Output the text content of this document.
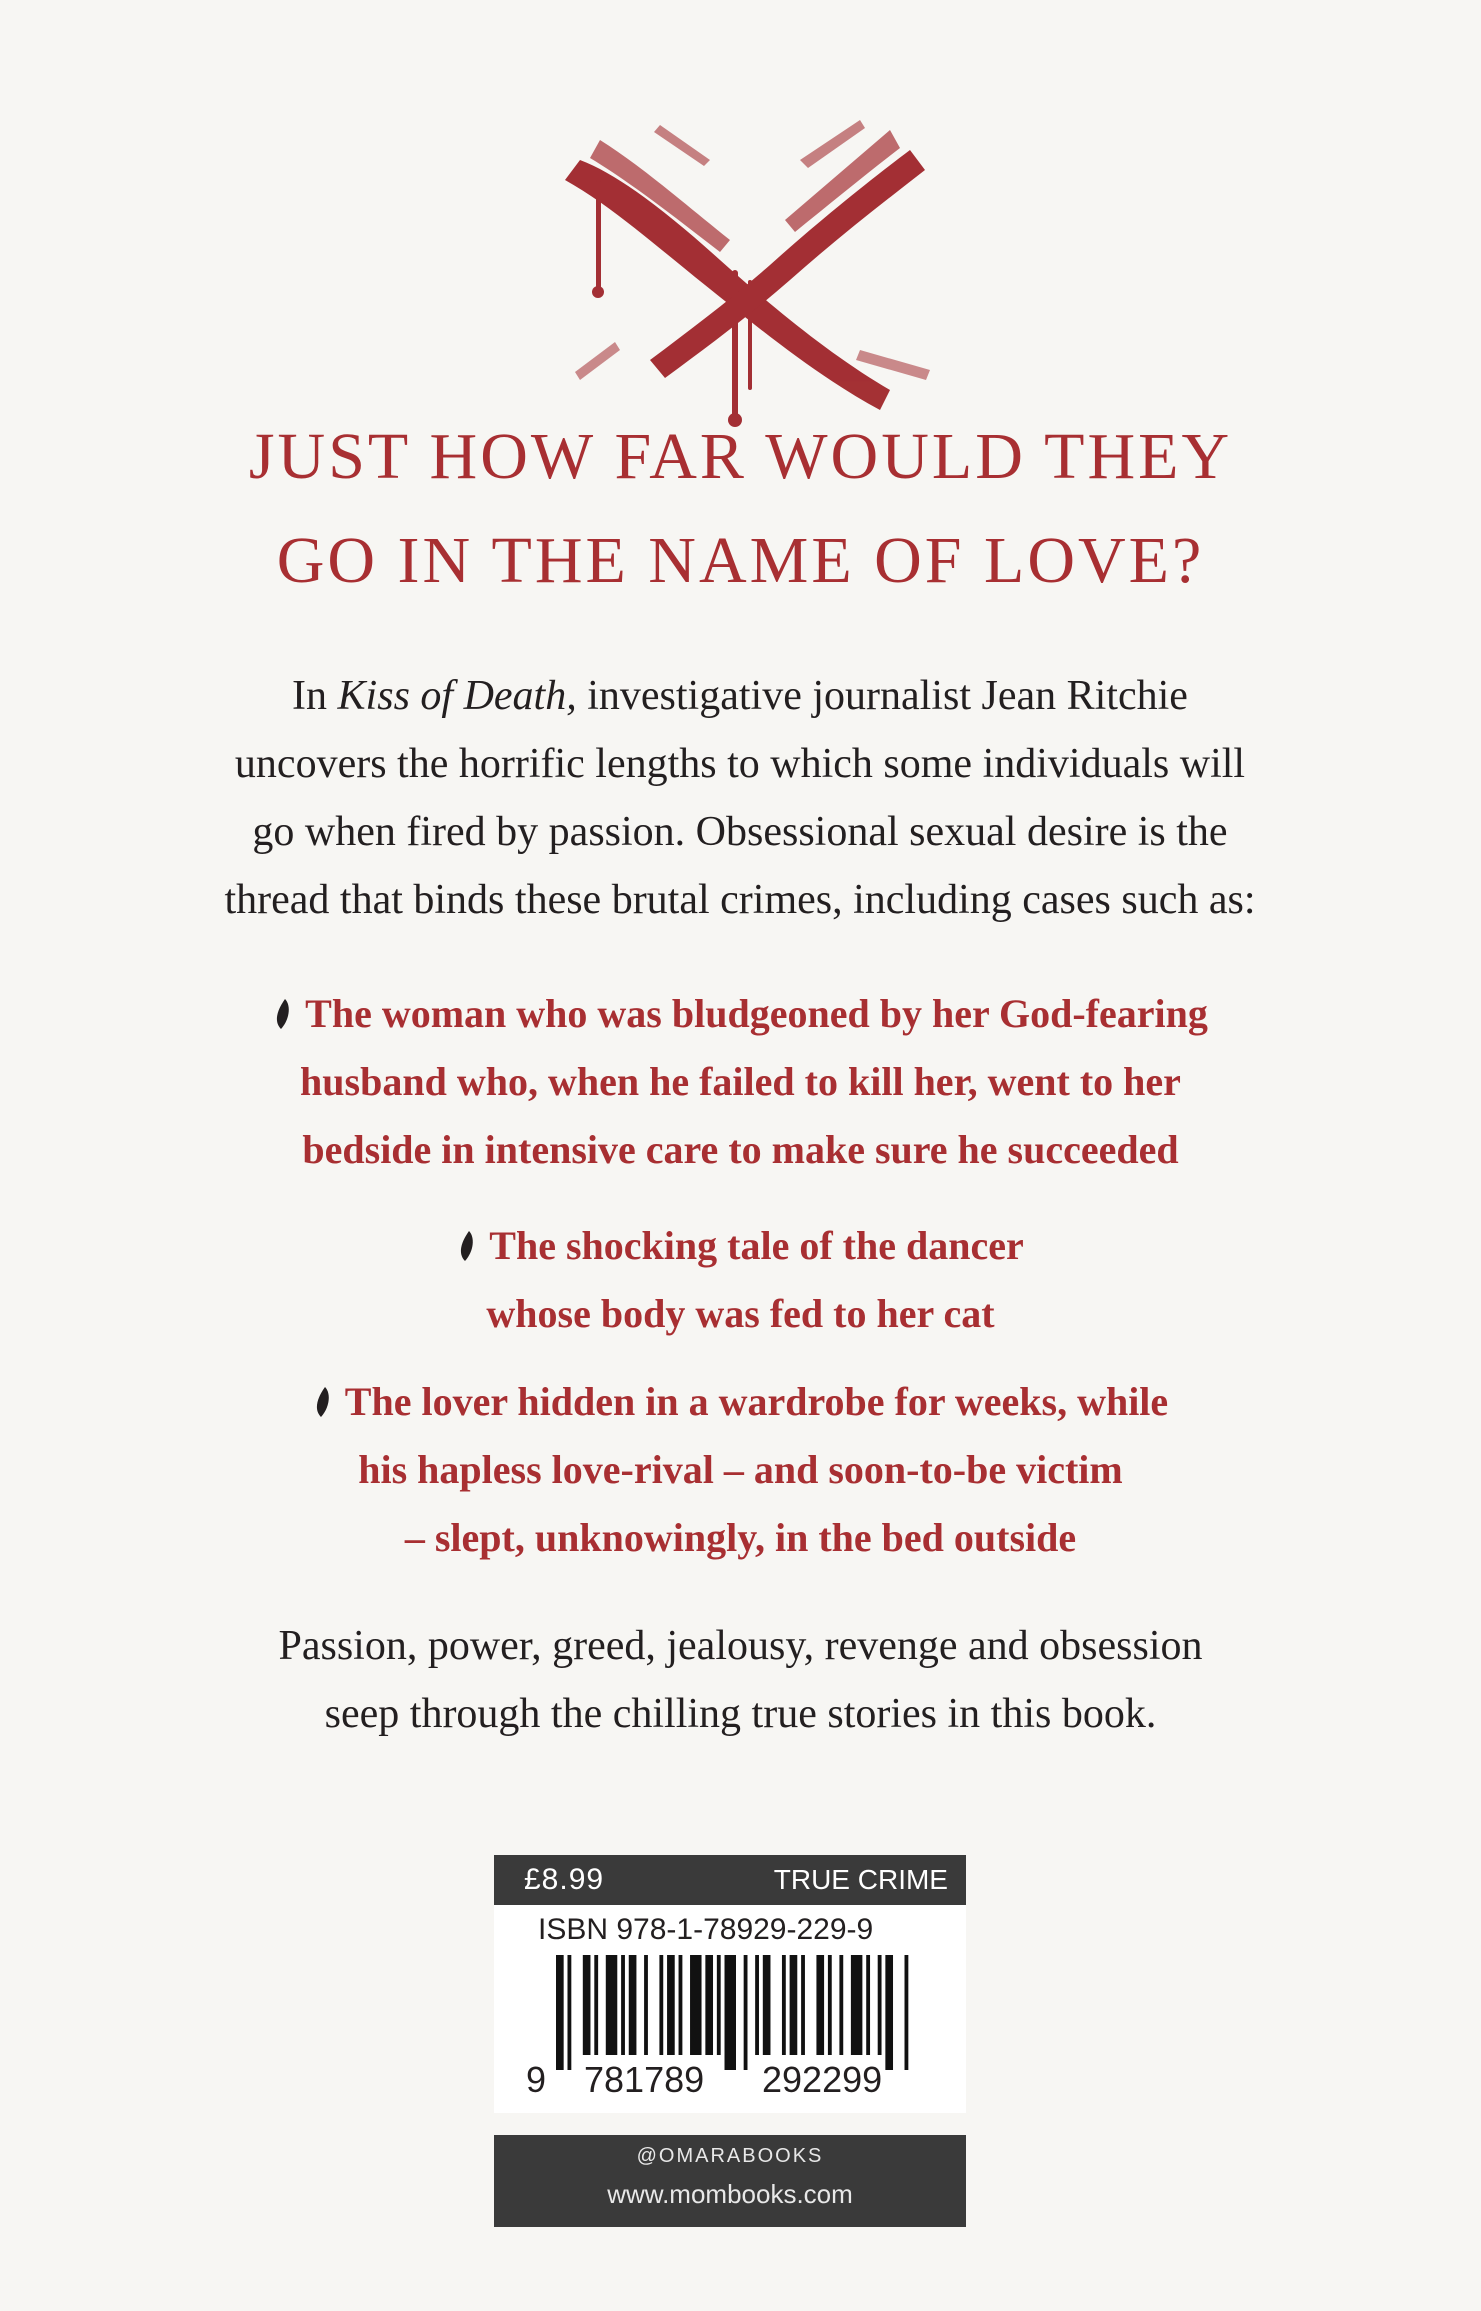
JUST HOW FAR WOULD THEY
GO IN THE NAME OF LOVE?
In Kiss of Death, investigative journalist Jean Ritchie
uncovers the horrific lengths to which some individuals will
go when fired by passion. Obsessional sexual desire is the
thread that binds these brutal crimes, including cases such as:
The woman who was bludgeoned by her God-fearing
husband who, when he failed to kill her, went to her
bedside in intensive care to make sure he succeeded
The shocking tale of the dancer
whose body was fed to her cat
The lover hidden in a wardrobe for weeks, while
his hapless love-rival – and soon-to-be victim
– slept, unknowingly, in the bed outside
Passion, power, greed, jealousy, revenge and obsession
seep through the chilling true stories in this book.
£8.99	TRUE CRIME
ISBN 978-1-78929-229-9
9 781789 292299
@OMARABOOKS
www.mombooks.com
